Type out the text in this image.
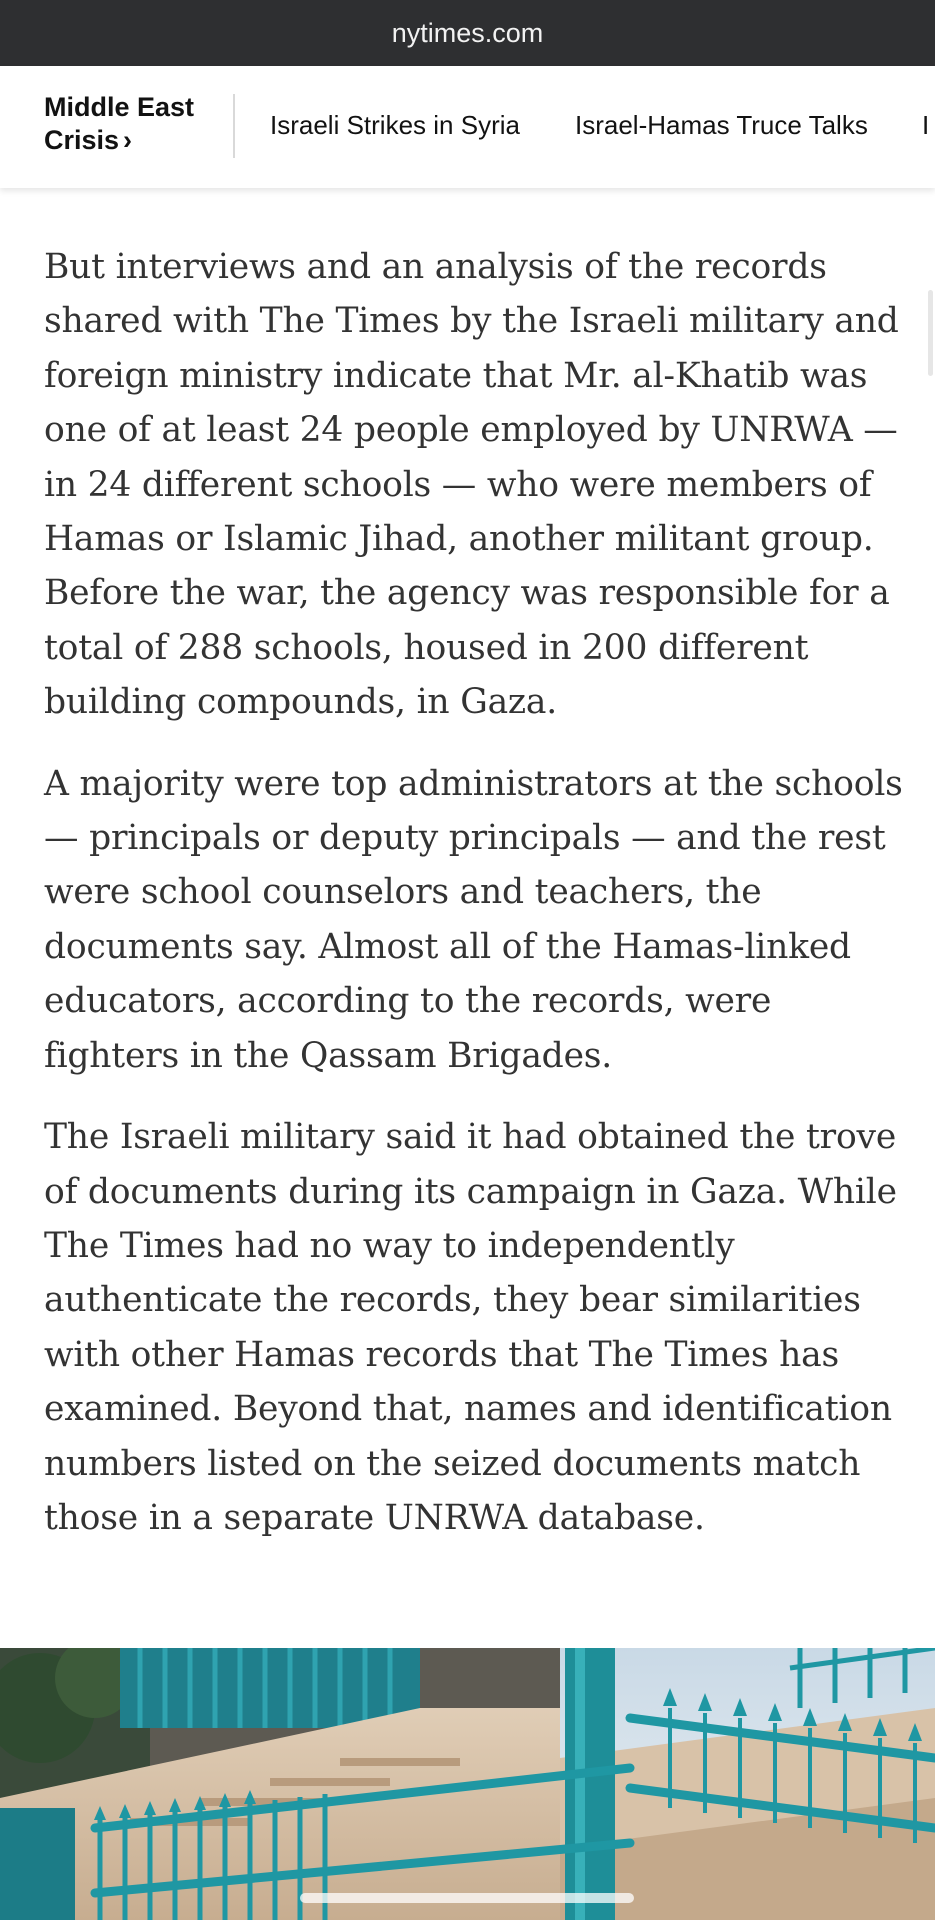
nytimes.com
Middle East
Crisis ›	Israeli Strikes in Syria Israel-Hamas Truce Talks I

But interviews and an analysis of the records shared with The Times by the Israeli military and foreign ministry indicate that Mr. al-Khatib was one of at least 24 people employed by UNRWA — in 24 different schools — who were members of Hamas or Islamic Jihad, another militant group. Before the war, the agency was responsible for a total of 288 schools, housed in 200 different building compounds, in Gaza.

A majority were top administrators at the schools — principals or deputy principals — and the rest were school counselors and teachers, the documents say. Almost all of the Hamas-linked educators, according to the records, were fighters in the Qassam Brigades.

The Israeli military said it had obtained the trove of documents during its campaign in Gaza. While The Times had no way to independently authenticate the records, they bear similarities with other Hamas records that The Times has examined. Beyond that, names and identification numbers listed on the seized documents match those in a separate UNRWA database.
